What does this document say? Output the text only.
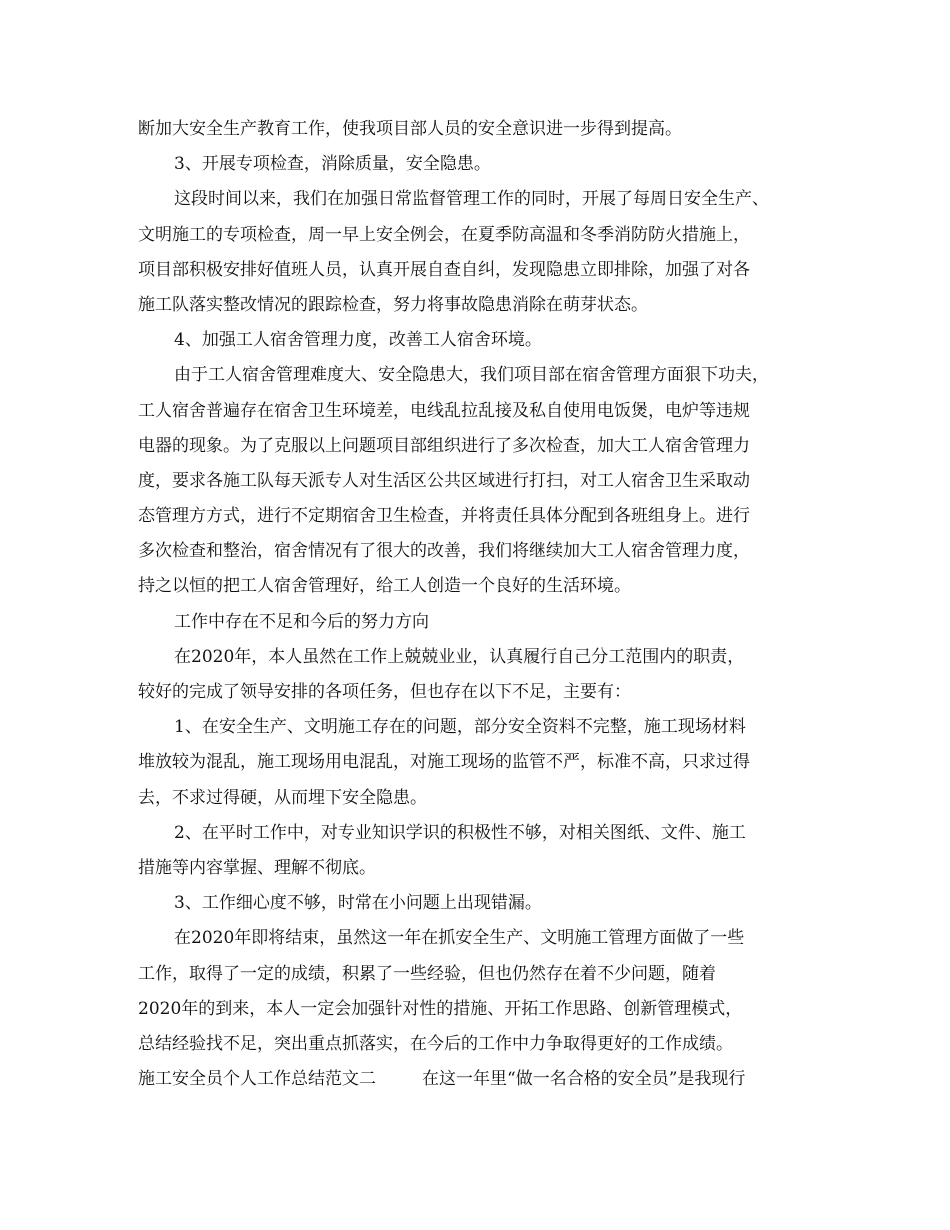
断加大安全生产教育工作，使我项目部人员的安全意识进一步得到提高。
3、开展专项检查，消除质量，安全隐患。
这段时间以来，我们在加强日常监督管理工作的同时，开展了每周日安全生产、
文明施工的专项检查，周一早上安全例会，在夏季防高温和冬季消防防火措施上，
项目部积极安排好值班人员，认真开展自查自纠，发现隐患立即排除，加强了对各
施工队落实整改情况的跟踪检查，努力将事故隐患消除在萌芽状态。
4、加强工人宿舍管理力度，改善工人宿舍环境。
由于工人宿舍管理难度大、安全隐患大，我们项目部在宿舍管理方面狠下功夫，
工人宿舍普遍存在宿舍卫生环境差，电线乱拉乱接及私自使用电饭煲，电炉等违规
电器的现象。为了克服以上问题项目部组织进行了多次检查，加大工人宿舍管理力
度，要求各施工队每天派专人对生活区公共区域进行打扫，对工人宿舍卫生采取动
态管理方方式，进行不定期宿舍卫生检查，并将责任具体分配到各班组身上。进行
多次检查和整治，宿舍情况有了很大的改善，我们将继续加大工人宿舍管理力度，
持之以恒的把工人宿舍管理好，给工人创造一个良好的生活环境。
工作中存在不足和今后的努力方向
在2020年，本人虽然在工作上兢兢业业，认真履行自己分工范围内的职责，
较好的完成了领导安排的各项任务，但也存在以下不足，主要有：
1、在安全生产、文明施工存在的问题，部分安全资料不完整，施工现场材料
堆放较为混乱，施工现场用电混乱，对施工现场的监管不严，标准不高，只求过得
去，不求过得硬，从而埋下安全隐患。
2、在平时工作中，对专业知识学识的积极性不够，对相关图纸、文件、施工
措施等内容掌握、理解不彻底。
3、工作细心度不够，时常在小问题上出现错漏。
在2020年即将结束，虽然这一年在抓安全生产、文明施工管理方面做了一些
工作，取得了一定的成绩，积累了一些经验，但也仍然存在着不少问题，随着
2020年的到来，本人一定会加强针对性的措施、开拓工作思路、创新管理模式，
总结经验找不足，突出重点抓落实，在今后的工作中力争取得更好的工作成绩。
施工安全员个人工作总结范文二	在这一年里“做一名合格的安全员”是我现行
